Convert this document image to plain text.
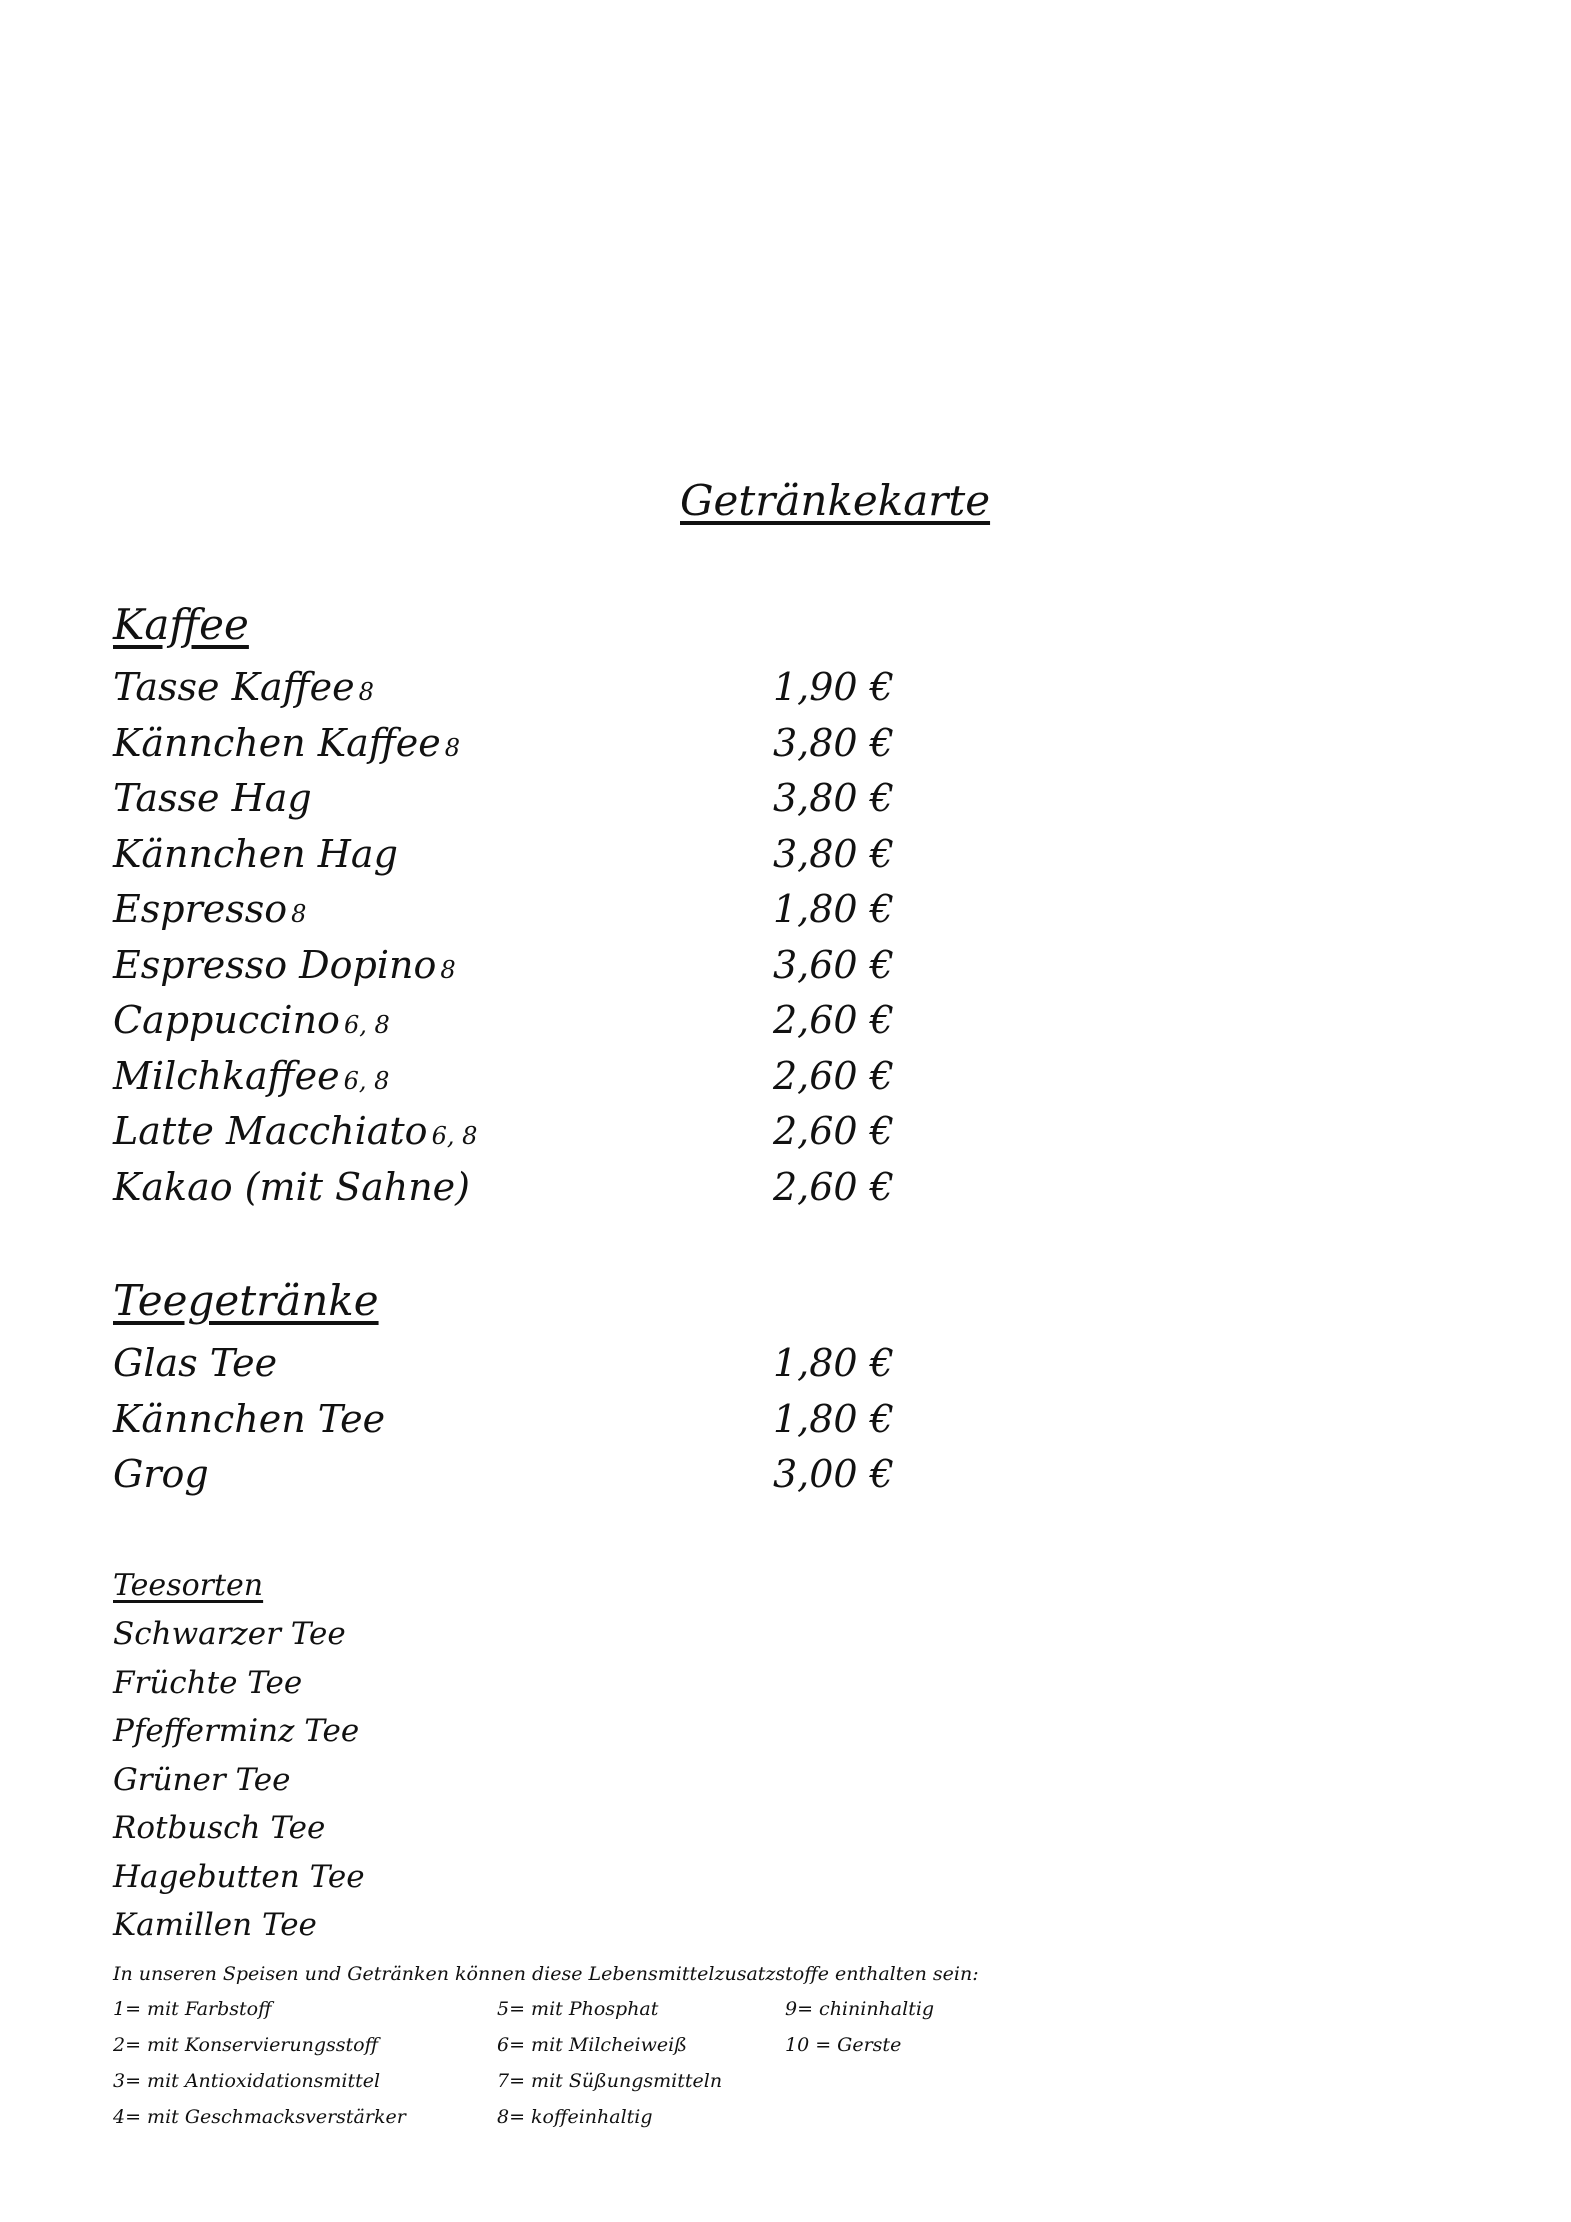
Getränkekarte
Kaffee
Tasse Kaffee 8	1,90 €
Kännchen Kaffee 8	3,80 €
Tasse Hag	3,80 €
Kännchen Hag	3,80 €
Espresso 8	1,80 €
Espresso Dopino 8	3,60 €
Cappuccino 6, 8	2,60 €
Milchkaffee 6, 8	2,60 €
Latte Macchiato 6, 8	2,60 €
Kakao (mit Sahne)	2,60 €
Teegetränke
Glas Tee	1,80 €
Kännchen Tee	1,80 €
Grog	3,00 €
Teesorten
Schwarzer Tee
Früchte Tee
Pfefferminz Tee
Grüner Tee
Rotbusch Tee
Hagebutten Tee
Kamillen Tee
In unseren Speisen und Getränken können diese Lebensmittelzusatzstoffe enthalten sein:
1= mit Farbstoff
2= mit Konservierungsstoff
3= mit Antioxidationsmittel
4= mit Geschmacksverstärker
5= mit Phosphat
6= mit Milcheiweiß
7= mit Süßungsmitteln
8= koffeinhaltig
9= chininhaltig
10 = Gerste
